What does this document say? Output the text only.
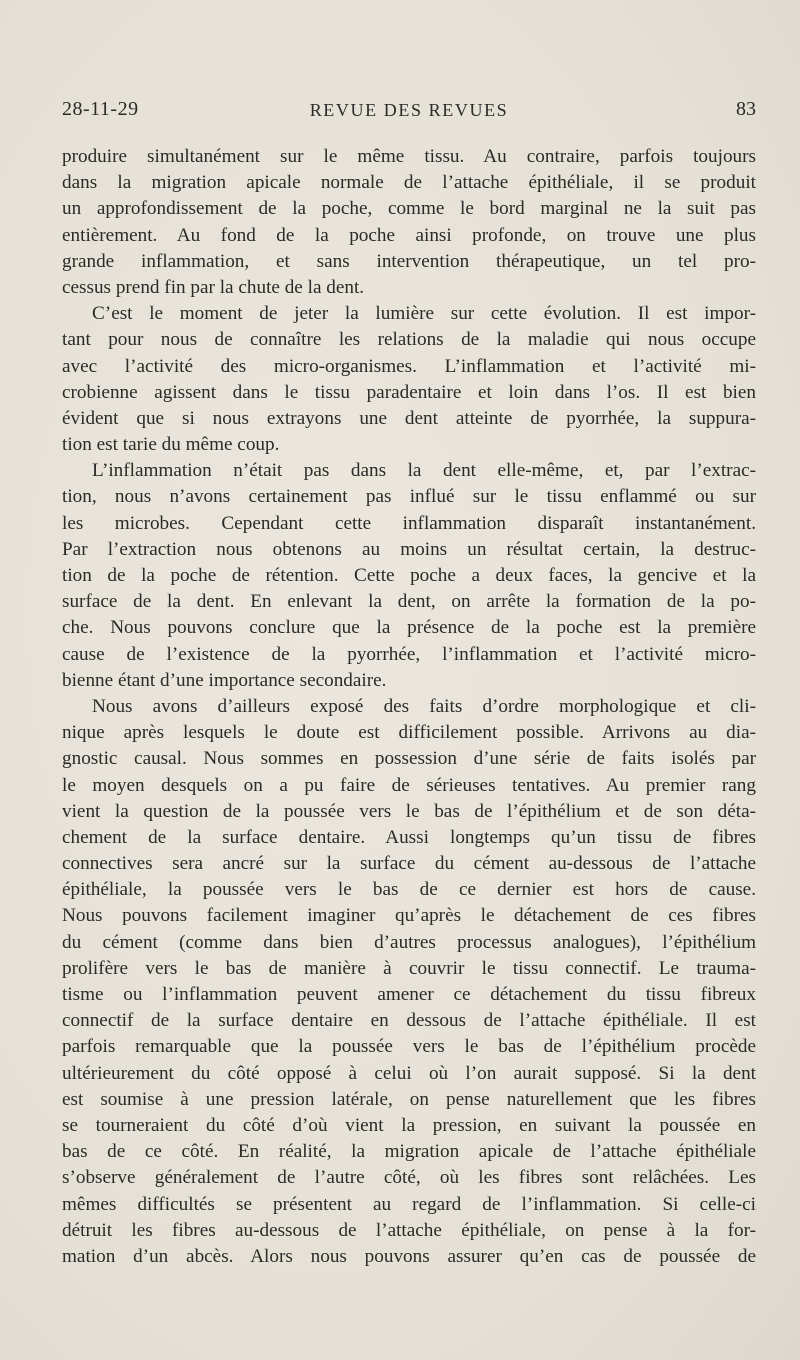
28-11-29	REVUE DES REVUES	83
produire simultanément sur le même tissu. Au contraire, parfois toujours
dans la migration apicale normale de l’attache épithéliale, il se produit
un approfondissement de la poche, comme le bord marginal ne la suit pas
entièrement. Au fond de la poche ainsi profonde, on trouve une plus
grande inflammation, et sans intervention thérapeutique, un tel pro-
cessus prend fin par la chute de la dent.
C’est le moment de jeter la lumière sur cette évolution. Il est impor-
tant pour nous de connaître les relations de la maladie qui nous occupe
avec l’activité des micro-organismes. L’inflammation et l’activité mi-
crobienne agissent dans le tissu paradentaire et loin dans l’os. Il est bien
évident que si nous extrayons une dent atteinte de pyorrhée, la suppura-
tion est tarie du même coup.
L’inflammation n’était pas dans la dent elle-même, et, par l’extrac-
tion, nous n’avons certainement pas influé sur le tissu enflammé ou sur
les microbes. Cependant cette inflammation disparaît instantanément.
Par l’extraction nous obtenons au moins un résultat certain, la destruc-
tion de la poche de rétention. Cette poche a deux faces, la gencive et la
surface de la dent. En enlevant la dent, on arrête la formation de la po-
che. Nous pouvons conclure que la présence de la poche est la première
cause de l’existence de la pyorrhée, l’inflammation et l’activité micro-
bienne étant d’une importance secondaire.
Nous avons d’ailleurs exposé des faits d’ordre morphologique et cli-
nique après lesquels le doute est difficilement possible. Arrivons au dia-
gnostic causal. Nous sommes en possession d’une série de faits isolés par
le moyen desquels on a pu faire de sérieuses tentatives. Au premier rang
vient la question de la poussée vers le bas de l’épithélium et de son déta-
chement de la surface dentaire. Aussi longtemps qu’un tissu de fibres
connectives sera ancré sur la surface du cément au-dessous de l’attache
épithéliale, la poussée vers le bas de ce dernier est hors de cause.
Nous pouvons facilement imaginer qu’après le détachement de ces fibres
du cément (comme dans bien d’autres processus analogues), l’épithélium
prolifère vers le bas de manière à couvrir le tissu connectif. Le trauma-
tisme ou l’inflammation peuvent amener ce détachement du tissu fibreux
connectif de la surface dentaire en dessous de l’attache épithéliale. Il est
parfois remarquable que la poussée vers le bas de l’épithélium procède
ultérieurement du côté opposé à celui où l’on aurait supposé. Si la dent
est soumise à une pression latérale, on pense naturellement que les fibres
se tourneraient du côté d’où vient la pression, en suivant la poussée en
bas de ce côté. En réalité, la migration apicale de l’attache épithéliale
s’observe généralement de l’autre côté, où les fibres sont relâchées. Les
mêmes difficultés se présentent au regard de l’inflammation. Si celle-ci
détruit les fibres au-dessous de l’attache épithéliale, on pense à la for-
mation d’un abcès. Alors nous pouvons assurer qu’en cas de poussée de
